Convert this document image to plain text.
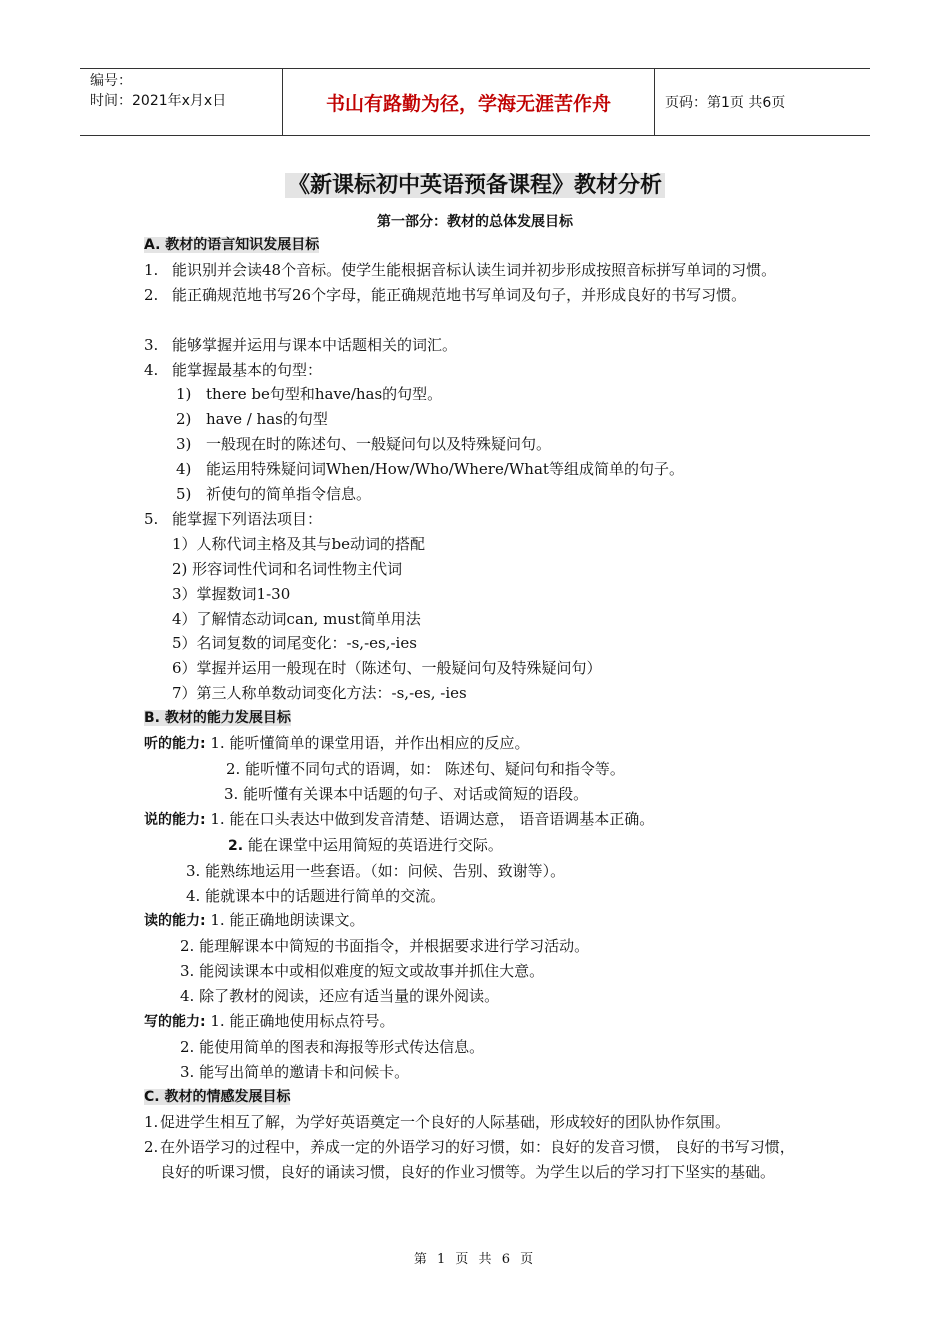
编号：
时间：2021年x月x日	书山有路勤为径，学海无涯苦作舟	页码：第1页 共6页
《新课标初中英语预备课程》教材分析
第一部分：教材的总体发展目标
A. 教材的语言知识发展目标
1. 能识别并会读48个音标。使学生能根据音标认读生词并初步形成按照音标拼写单词的习惯。
2. 能正确规范地书写26个字母，能正确规范地书写单词及句子，并形成良好的书写习惯。
3. 能够掌握并运用与课本中话题相关的词汇。
4. 能掌握最基本的句型：
1) there be句型和have/has的句型。
2) have / has的句型
3) 一般现在时的陈述句、一般疑问句以及特殊疑问句。
4) 能运用特殊疑问词When/How/Who/Where/What等组成简单的句子。
5) 祈使句的简单指令信息。
5. 能掌握下列语法项目：
1）人称代词主格及其与be动词的搭配
2) 形容词性代词和名词性物主代词
3）掌握数词1-30
4）了解情态动词can, must简单用法
5）名词复数的词尾变化：-s,-es,-ies
6）掌握并运用一般现在时（陈述句、一般疑问句及特殊疑问句）
7）第三人称单数动词变化方法：-s,-es, -ies
B. 教材的能力发展目标
听的能力: 1. 能听懂简单的课堂用语，并作出相应的反应。
2. 能听懂不同句式的语调，如： 陈述句、疑问句和指令等。
3. 能听懂有关课本中话题的句子、对话或简短的语段。
说的能力: 1. 能在口头表达中做到发音清楚、语调达意， 语音语调基本正确。
2. 能在课堂中运用简短的英语进行交际。
3. 能熟练地运用一些套语。（如：问候、告别、致谢等）。
4. 能就课本中的话题进行简单的交流。
读的能力: 1. 能正确地朗读课文。
2. 能理解课本中简短的书面指令，并根据要求进行学习活动。
3. 能阅读课本中或相似难度的短文或故事并抓住大意。
4. 除了教材的阅读，还应有适当量的课外阅读。
写的能力: 1. 能正确地使用标点符号。
2. 能使用简单的图表和海报等形式传达信息。
3. 能写出简单的邀请卡和问候卡。
C. 教材的情感发展目标
1. 促进学生相互了解，为学好英语奠定一个良好的人际基础，形成较好的团队协作氛围。
2. 在外语学习的过程中，养成一定的外语学习的好习惯，如：良好的发音习惯， 良好的书写习惯， 良好的听课习惯，良好的诵读习惯，良好的作业习惯等。为学生以后的学习打下坚实的基础。
第 1 页 共 6 页
